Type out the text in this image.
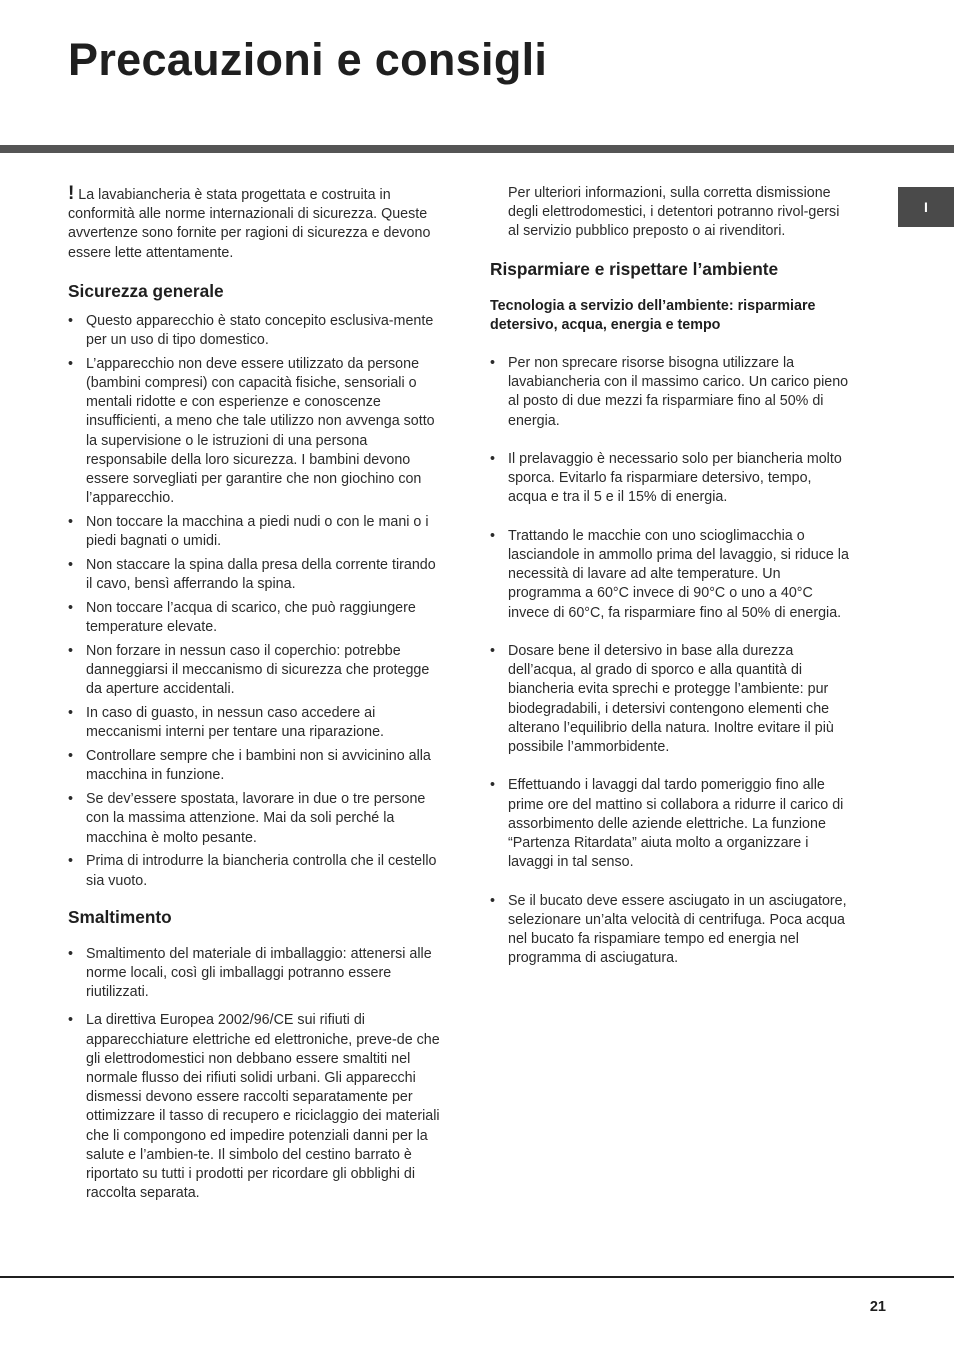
Precauzioni e consigli
I

! La lavabiancheria è stata progettata e costruita in conformità alle norme internazionali di sicurezza. Queste avvertenze sono fornite per ragioni di sicurezza e devono essere lette attentamente.

Sicurezza generale
• Questo apparecchio è stato concepito esclusiva-mente per un uso di tipo domestico.
• L’apparecchio non deve essere utilizzato da persone (bambini compresi) con capacità fisiche, sensoriali o mentali ridotte e con esperienze e conoscenze insufficienti, a meno che tale utilizzo non avvenga sotto la supervisione o le istruzioni di una persona responsabile della loro sicurezza. I bambini devono essere sorvegliati per garantire che non giochino con l’apparecchio.
• Non toccare la macchina a piedi nudi o con le mani o i piedi bagnati o umidi.
• Non staccare la spina dalla presa della corrente tirando il cavo, bensì afferrando la spina.
• Non toccare l’acqua di scarico, che può raggiungere temperature elevate.
• Non forzare in nessun caso il coperchio: potrebbe danneggiarsi il meccanismo di sicurezza che protegge da aperture accidentali.
• In caso di guasto, in nessun caso accedere ai meccanismi interni per tentare una riparazione.
• Controllare sempre che i bambini non si avvicinino alla macchina in funzione.
• Se dev’essere spostata, lavorare in due o tre persone con la massima attenzione. Mai da soli perché la macchina è molto pesante.
• Prima di introdurre la biancheria controlla che il cestello sia vuoto.
Smaltimento
• Smaltimento del materiale di imballaggio: attenersi alle norme locali, così gli imballaggi potranno essere riutilizzati.
• La direttiva Europea 2002/96/CE sui rifiuti di apparecchiature elettriche ed elettroniche, preve-de che gli elettrodomestici non debbano essere smaltiti nel normale flusso dei rifiuti solidi urbani. Gli apparecchi dismessi devono essere raccolti separatamente per ottimizzare il tasso di recupero e riciclaggio dei materiali che li compongono ed impedire potenziali danni per la salute e l’ambien-te. Il simbolo del cestino barrato è riportato su tutti i prodotti per ricordare gli obblighi di raccolta separata.

Per ulteriori informazioni, sulla corretta dismissione degli elettrodomestici, i detentori potranno rivol-gersi al servizio pubblico preposto o ai rivenditori.

Risparmiare e rispettare l’ambiente

Tecnologia a servizio dell’ambiente: risparmiare detersivo, acqua, energia e tempo

• Per non sprecare risorse bisogna utilizzare la lavabiancheria con il massimo carico. Un carico pieno al posto di due mezzi fa risparmiare fino al 50% di energia.
• Il prelavaggio è necessario solo per biancheria molto sporca. Evitarlo fa risparmiare detersivo, tempo, acqua e tra il 5 e il 15% di energia.
• Trattando le macchie con uno scioglimacchia o lasciandole in ammollo prima del lavaggio, si riduce la necessità di lavare ad alte temperature. Un programma a 60°C invece di 90°C o uno a 40°C invece di 60°C, fa risparmiare fino al 50% di energia.
• Dosare bene il detersivo in base alla durezza dell’acqua, al grado di sporco e alla quantità di biancheria evita sprechi e protegge l’ambiente: pur biodegradabili, i detersivi contengono elementi che alterano l’equilibrio della natura. Inoltre evitare il più possibile l’ammorbidente.
• Effettuando i lavaggi dal tardo pomeriggio fino alle prime ore del mattino si collabora a ridurre il carico di assorbimento delle aziende elettriche. La funzione “Partenza Ritardata” aiuta molto a organizzare i lavaggi in tal senso.
• Se il bucato deve essere asciugato in un asciugatore, selezionare un’alta velocità di centrifuga. Poca acqua nel bucato fa rispamiare tempo ed energia nel programma di asciugatura.
21
